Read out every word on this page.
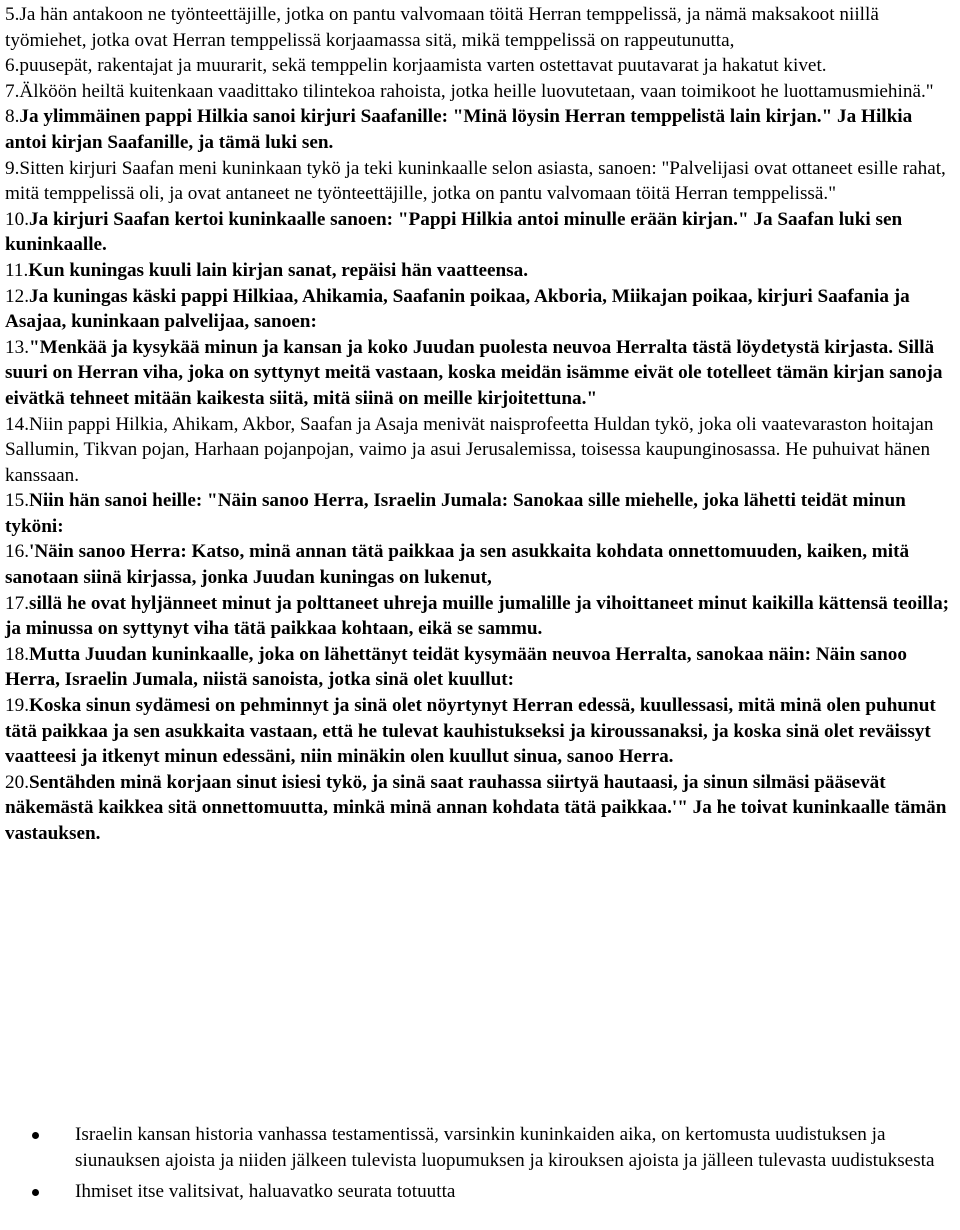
5.Ja hän antakoon ne työnteettäjille, jotka on pantu valvomaan töitä Herran temppelissä, ja nämä maksakoot niillä työmiehet, jotka ovat Herran temppelissä korjaamassa sitä, mikä temppelissä on rappeutunutta,

6.puusepät, rakentajat ja muurarit, sekä temppelin korjaamista varten ostettavat puutavarat ja hakatut kivet.

7.Älköön heiltä kuitenkaan vaadittako tilintekoa rahoista, jotka heille luovutetaan, vaan toimikoot he luottamusmiehinä."

8.Ja ylimmäinen pappi Hilkia sanoi kirjuri Saafanille: "Minä löysin Herran temppelistä lain kirjan." Ja Hilkia antoi kirjan Saafanille, ja tämä luki sen.

9.Sitten kirjuri Saafan meni kuninkaan tykö ja teki kuninkaalle selon asiasta, sanoen: "Palvelijasi ovat ottaneet esille rahat, mitä temppelissä oli, ja ovat antaneet ne työnteettäjille, jotka on pantu valvomaan töitä Herran temppelissä."

10.Ja kirjuri Saafan kertoi kuninkaalle sanoen: "Pappi Hilkia antoi minulle erään kirjan." Ja Saafan luki sen kuninkaalle.

11.Kun kuningas kuuli lain kirjan sanat, repäisi hän vaatteensa.

12.Ja kuningas käski pappi Hilkiaa, Ahikamia, Saafanin poikaa, Akboria, Miikajan poikaa, kirjuri Saafania ja Asajaa, kuninkaan palvelijaa, sanoen:

13."Menkää ja kysykää minun ja kansan ja koko Juudan puolesta neuvoa Herralta tästä löydetystä kirjasta. Sillä suuri on Herran viha, joka on syttynyt meitä vastaan, koska meidän isämme eivät ole totelleet tämän kirjan sanoja eivätkä tehneet mitään kaikesta siitä, mitä siinä on meille kirjoitettuna."

14.Niin pappi Hilkia, Ahikam, Akbor, Saafan ja Asaja menivät naisprofeetta Huldan tykö, joka oli vaatevaraston hoitajan Sallumin, Tikvan pojan, Harhaan pojanpojan, vaimo ja asui Jerusalemissa, toisessa kaupunginosassa. He puhuivat hänen kanssaan.

15.Niin hän sanoi heille: "Näin sanoo Herra, Israelin Jumala: Sanokaa sille miehelle, joka lähetti teidät minun tyköni:

16.'Näin sanoo Herra: Katso, minä annan tätä paikkaa ja sen asukkaita kohdata onnettomuuden, kaiken, mitä sanotaan siinä kirjassa, jonka Juudan kuningas on lukenut,

17.sillä he ovat hyljänneet minut ja polttaneet uhreja muille jumalille ja vihoittaneet minut kaikilla kättensä teoilla; ja minussa on syttynyt viha tätä paikkaa kohtaan, eikä se sammu.

18.Mutta Juudan kuninkaalle, joka on lähettänyt teidät kysymään neuvoa Herralta, sanokaa näin: Näin sanoo Herra, Israelin Jumala, niistä sanoista, jotka sinä olet kuullut:

19.Koska sinun sydämesi on pehminnyt ja sinä olet nöyrtynyt Herran edessä, kuullessasi, mitä minä olen puhunut tätä paikkaa ja sen asukkaita vastaan, että he tulevat kauhistukseksi ja kiroussanaksi, ja koska sinä olet reväissyt vaatteesi ja itkenyt minun edessäni, niin minäkin olen kuullut sinua, sanoo Herra.

20.Sentähden minä korjaan sinut isiesi tykö, ja sinä saat rauhassa siirtyä hautaasi, ja sinun silmäsi pääsevät näkemästä kaikkea sitä onnettomuutta, minkä minä annan kohdata tätä paikkaa.'" Ja he toivat kuninkaalle tämän vastauksen.

Israelin kansan historia vanhassa testamentissä, varsinkin kuninkaiden aika, on kertomusta uudistuksen ja siunauksen ajoista ja niiden jälkeen tulevista luopumuksen ja kirouksen ajoista ja jälleen tulevasta uudistuksesta
Ihmiset itse valitsivat, haluavatko seurata totuutta
